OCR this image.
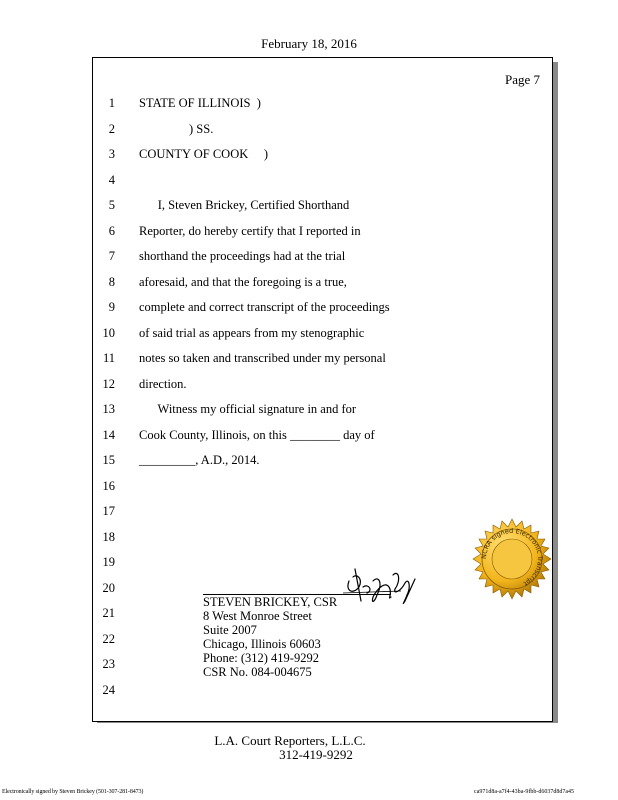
February 18, 2016
Page 7
1 STATE OF ILLINOIS  )
2 ) SS.
3 COUNTY OF COOK     )
4
5 I, Steven Brickey, Certified Shorthand
6 Reporter, do hereby certify that I reported in
7 shorthand the proceedings had at the trial
8 aforesaid, and that the foregoing is a true,
9 complete and correct transcript of the proceedings
10 of said trial as appears from my stenographic
11 notes so taken and transcribed under my personal
12 direction.
13 Witness my official signature in and for
14 Cook County, Illinois, on this ________ day of
15 _________, A.D., 2014.
16
17
18
19
20
21
22
23
24
STEVEN BRICKEY, CSR
8 West Monroe Street
Suite 2007
Chicago, Illinois 60603
Phone: (312) 419-9292
CSR No. 084-004675
NCRA signed Electronic Transcript
L.A. Court Reporters, L.L.C.
312-419-9292
Electronically signed by Steven Brickey (501-307-281-8473)	ca971d8a-a7f4-43ba-9fbb-d6037d8d7a45
